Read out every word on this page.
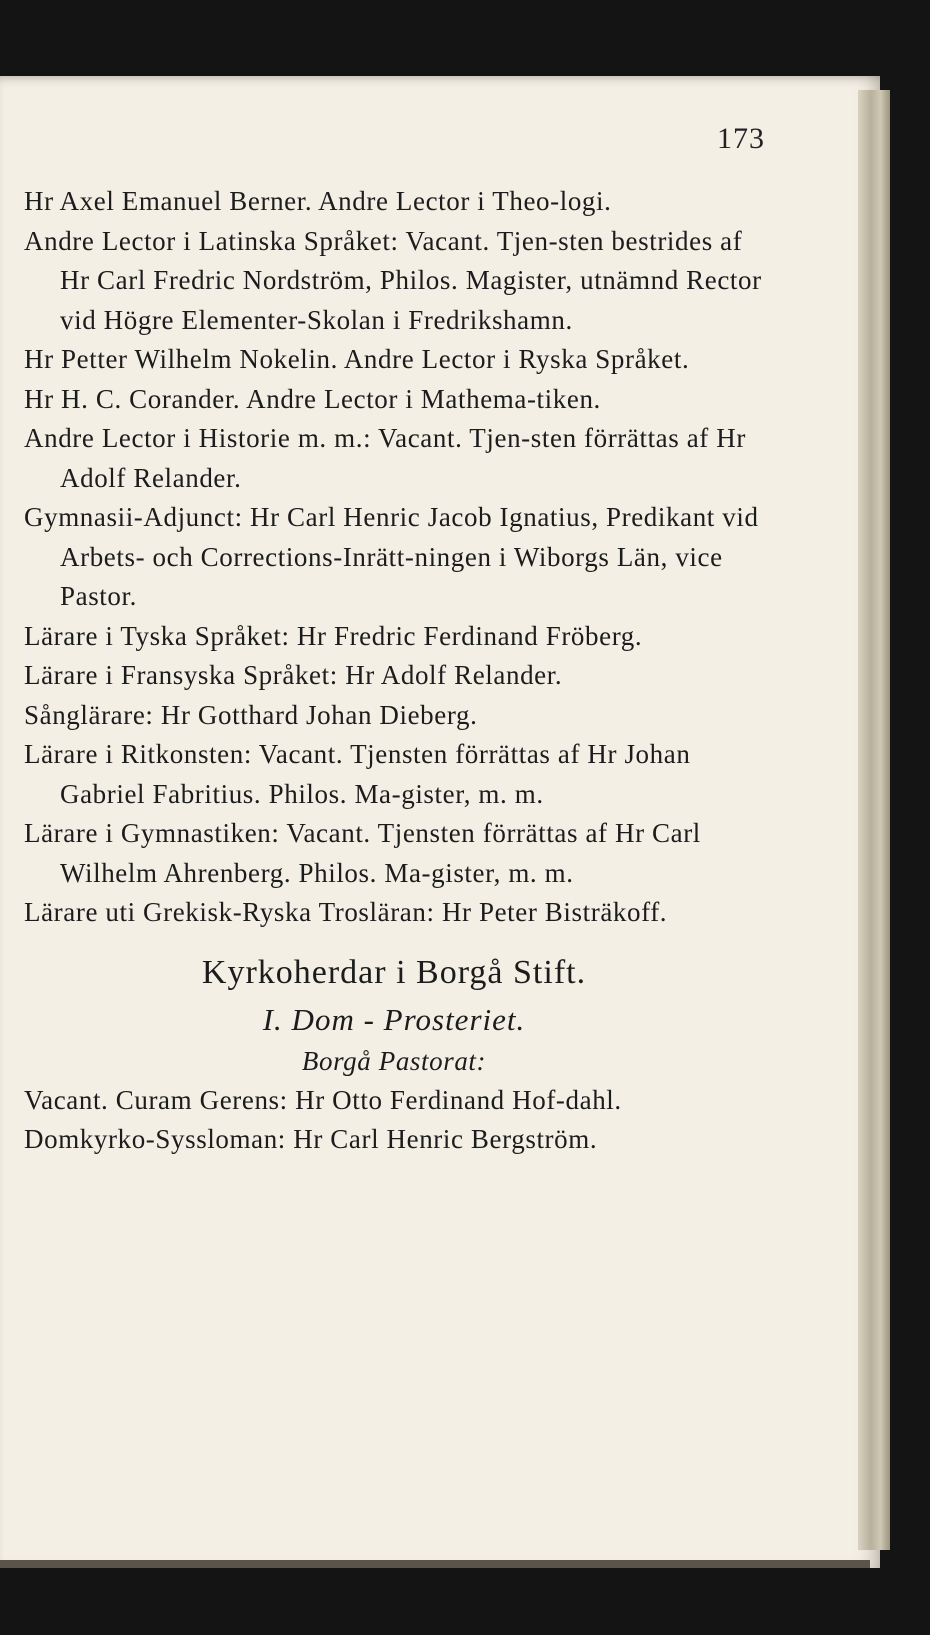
173

Hr Axel Emanuel Berner. Andre Lector i Theo-logi.

Andre Lector i Latinska Språket: Vacant. Tjen-sten bestrides af Hr Carl Fredric Nordström, Philos. Magister, utnämnd Rector vid Högre Elementer-Skolan i Fredrikshamn.

Hr Petter Wilhelm Nokelin. Andre Lector i Ryska Språket.

Hr H. C. Corander. Andre Lector i Mathema-tiken.

Andre Lector i Historie m. m.: Vacant. Tjen-sten förrättas af Hr Adolf Relander.

Gymnasii-Adjunct: Hr Carl Henric Jacob Ignatius, Predikant vid Arbets- och Corrections-Inrätt-ningen i Wiborgs Län, vice Pastor.

Lärare i Tyska Språket: Hr Fredric Ferdinand Fröberg.

Lärare i Fransyska Språket: Hr Adolf Relander.

Sånglärare: Hr Gotthard Johan Dieberg.

Lärare i Ritkonsten: Vacant. Tjensten förrättas af Hr Johan Gabriel Fabritius. Philos. Ma-gister, m. m.

Lärare i Gymnastiken: Vacant. Tjensten förrättas af Hr Carl Wilhelm Ahrenberg. Philos. Ma-gister, m. m.

Lärare uti Grekisk-Ryska Trosläran: Hr Peter Bisträkoff.

Kyrkoherdar i Borgå Stift.
I. Dom - Prosteriet.
Borgå Pastorat:

Vacant. Curam Gerens: Hr Otto Ferdinand Hof-dahl.

Domkyrko-Syssloman: Hr Carl Henric Bergström.
